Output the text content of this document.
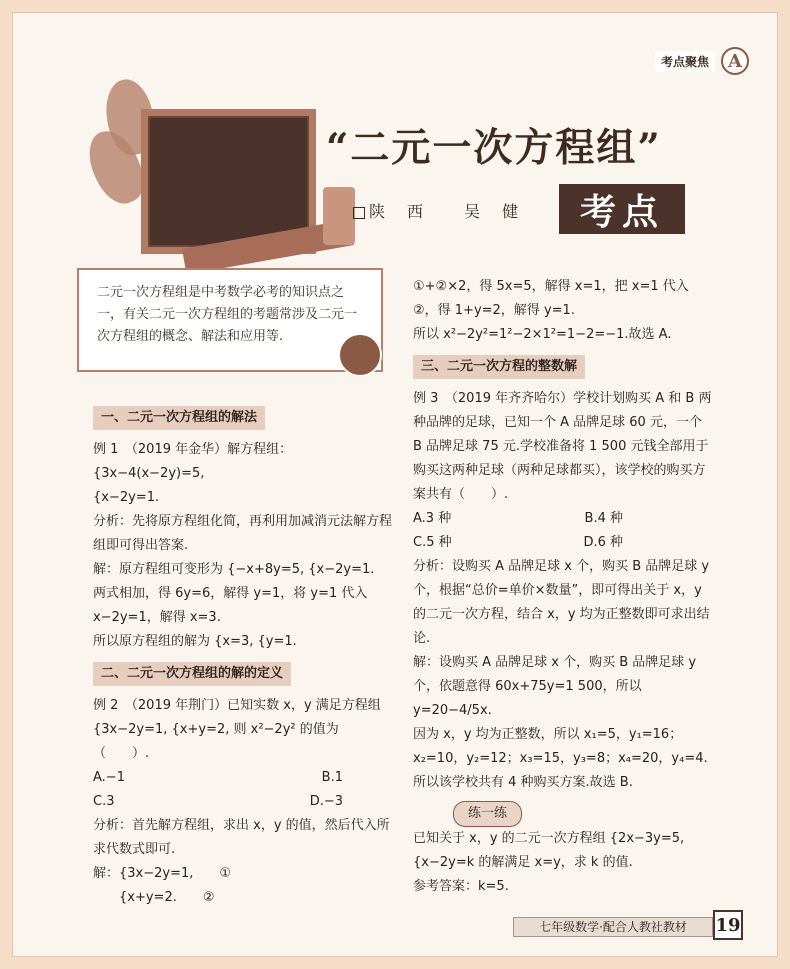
考点聚焦	A
“二元一次方程组”
陕　西　　吴　健	考点
二元一次方程组是中考数学必考的知识点之一，有关二元一次方程组的考题常涉及二元一次方程组的概念、解法和应用等.
一、二元一次方程组的解法
例 1　（2019 年金华）解方程组：
{3x−4(x−2y)=5,
{x−2y=1.
分析：先将原方程组化简，再利用加减消元法解方程组即可得出答案.
解：原方程组可变形为 {−x+8y=5, {x−2y=1.
两式相加，得 6y=6，解得 y=1，将 y=1 代入 x−2y=1，解得 x=3.
所以原方程组的解为 {x=3, {y=1.
二、二元一次方程组的解的定义
例 2　（2019 年荆门）已知实数 x，y 满足方程组 {3x−2y=1, {x+y=2, 则 x²−2y² 的值为（　　）.
A.−1	B.1
C.3	D.−3
分析：首先解方程组，求出 x，y 的值，然后代入所求代数式即可.
解：{3x−2y=1,　　①
　　{x+y=2.　　②
①+②×2，得 5x=5，解得 x=1，把 x=1 代入②，得 1+y=2，解得 y=1.
所以 x²−2y²=1²−2×1²=1−2=−1.故选 A.
三、二元一次方程的整数解
例 3　（2019 年齐齐哈尔）学校计划购买 A 和 B 两种品牌的足球，已知一个 A 品牌足球 60 元，一个 B 品牌足球 75 元.学校准备将 1 500 元钱全部用于购买这两种足球（两种足球都买），该学校的购买方案共有（　　）.
A.3 种	B.4 种
C.5 种	D.6 种
分析：设购买 A 品牌足球 x 个，购买 B 品牌足球 y 个，根据“总价=单价×数量”，即可得出关于 x，y 的二元一次方程，结合 x，y 均为正整数即可求出结论.
解：设购买 A 品牌足球 x 个，购买 B 品牌足球 y 个，依题意得 60x+75y=1 500，所以 y=20−4/5x.
因为 x，y 均为正整数，所以 x₁=5，y₁=16；x₂=10，y₂=12；x₃=15，y₃=8；x₄=20，y₄=4.
所以该学校共有 4 种购买方案.故选 B.
练一练
已知关于 x，y 的二元一次方程组 {2x−3y=5, {x−2y=k 的解满足 x=y，求 k 的值.
参考答案：k=5.
七年级数学·配合人教社教材	19
